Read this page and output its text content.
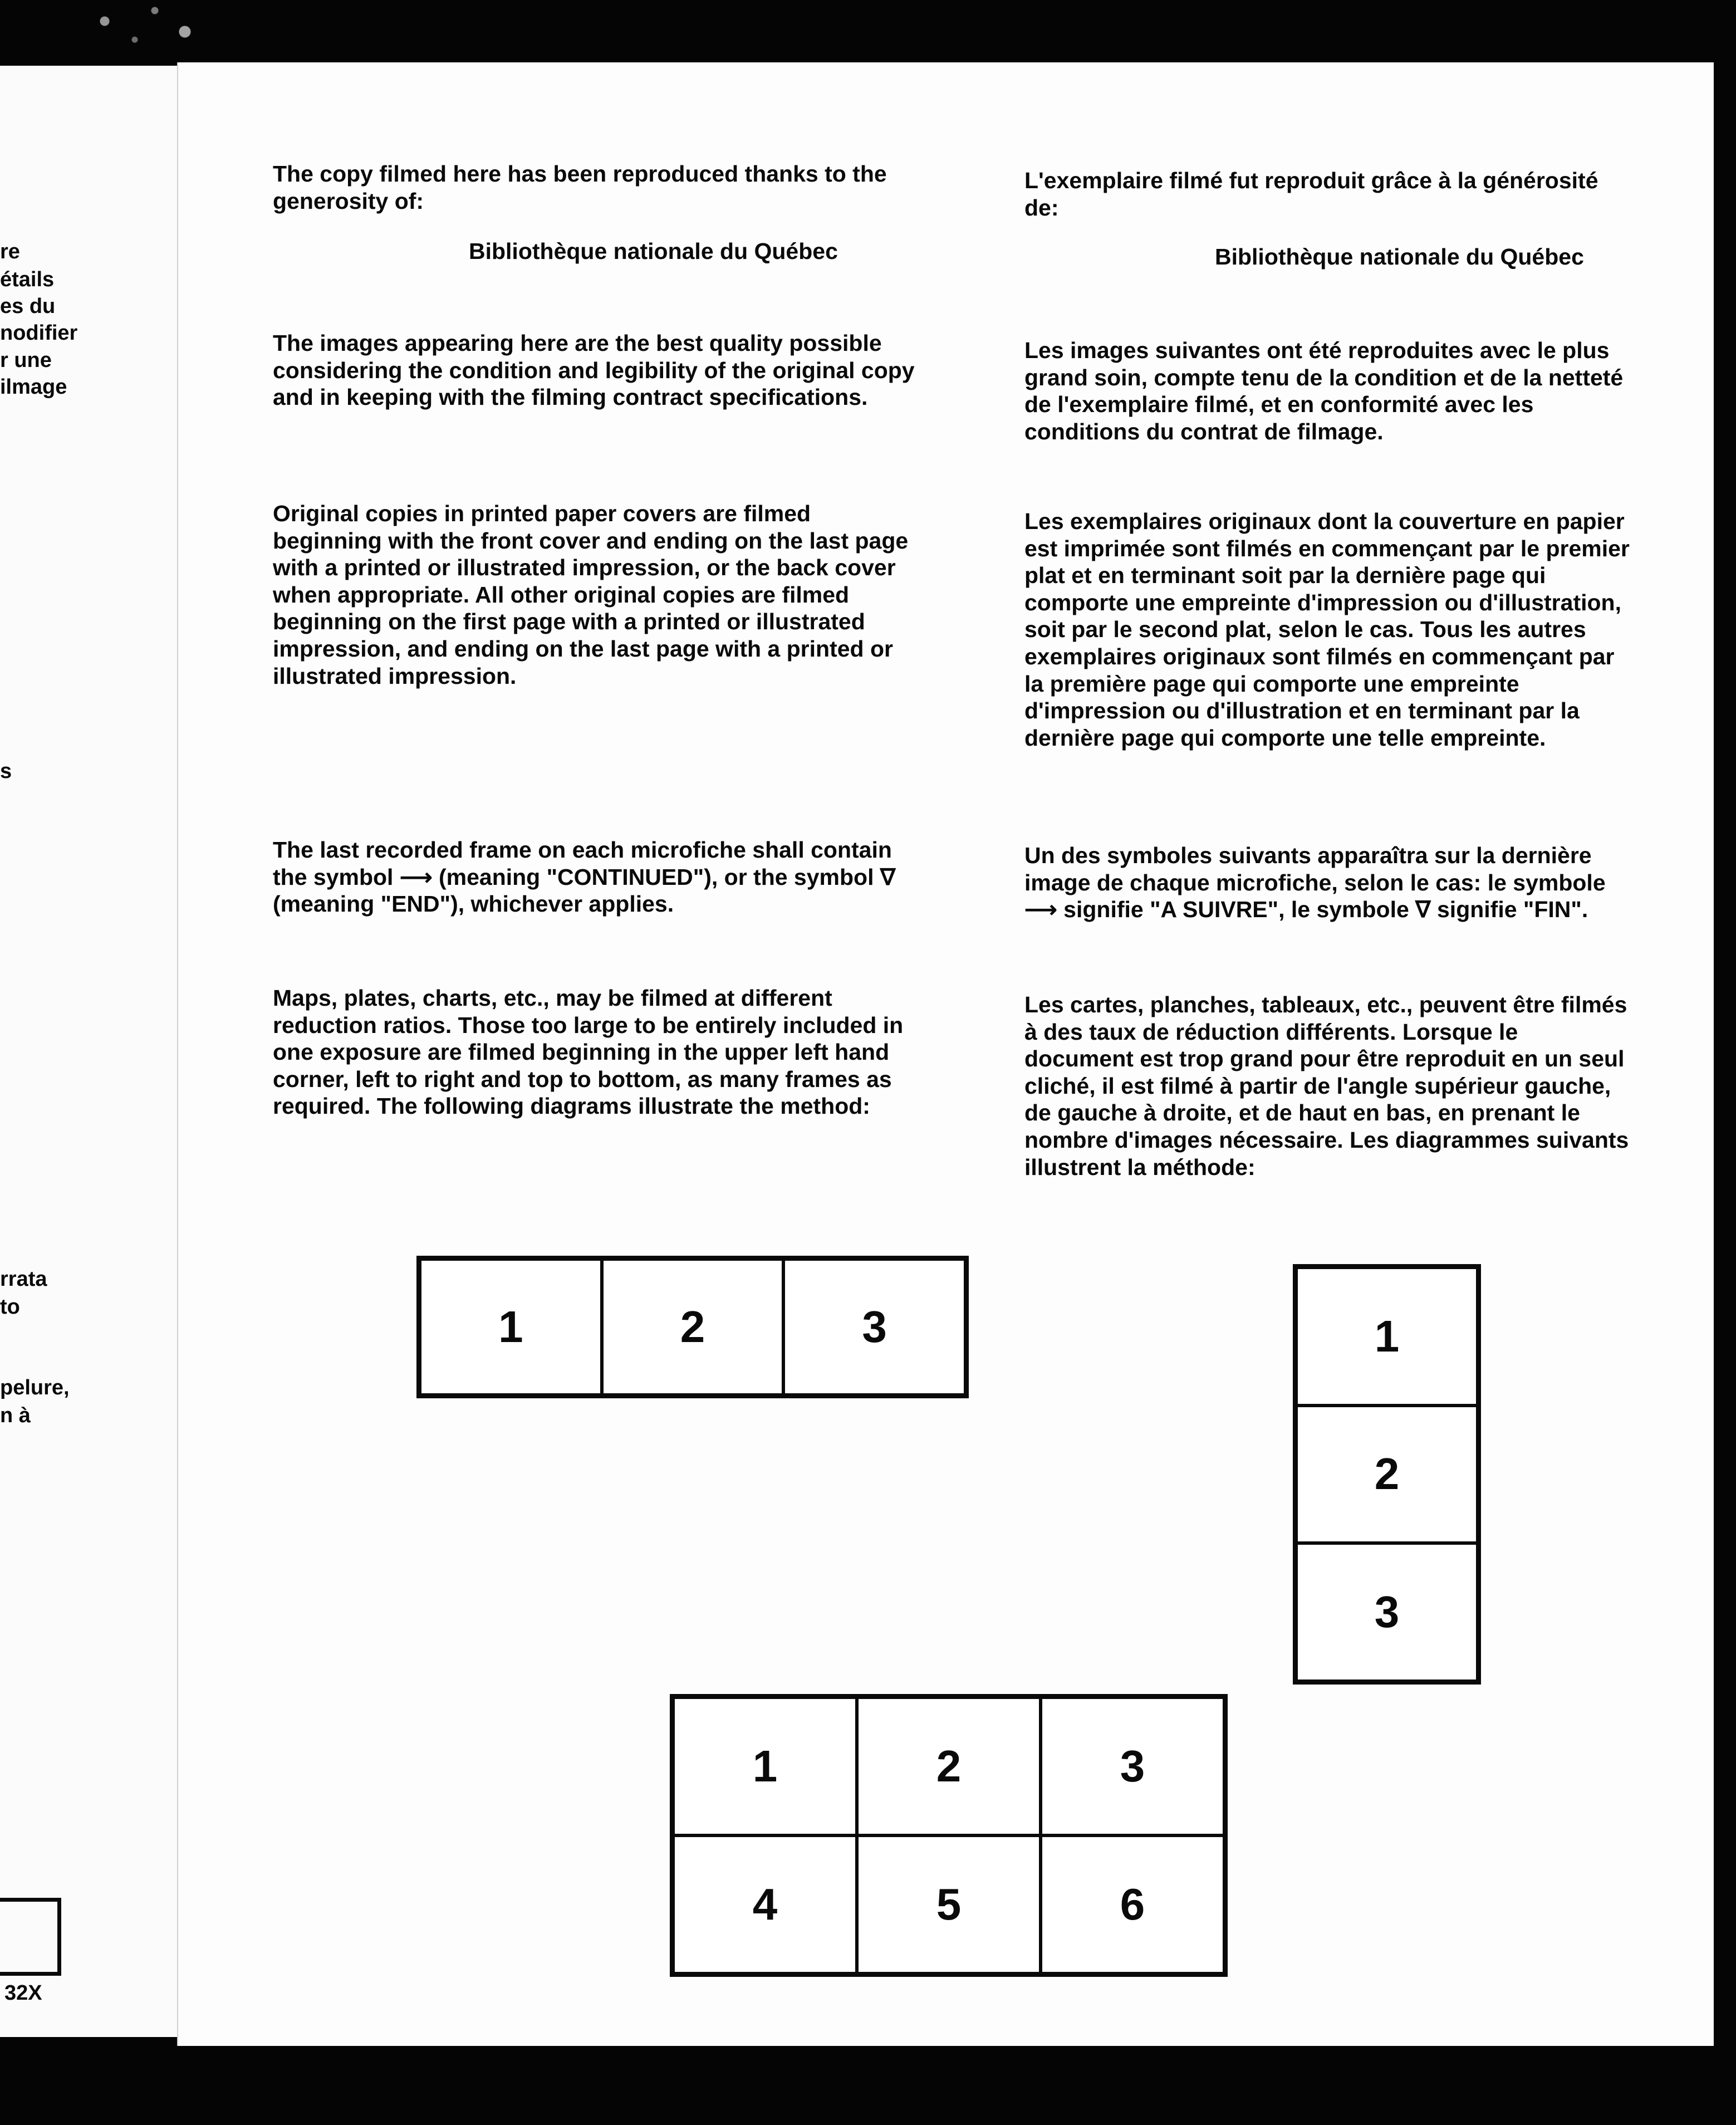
re
étails
es du
nodifier
r une
ilmage
s
rrata
to
pelure,
n à
32X

The copy filmed here has been reproduced thanks to the generosity of:

Bibliothèque nationale du Québec

The images appearing here are the best quality possible considering the condition and legibility of the original copy and in keeping with the filming contract specifications.

Original copies in printed paper covers are filmed beginning with the front cover and ending on the last page with a printed or illustrated impression, or the back cover when appropriate. All other original copies are filmed beginning on the first page with a printed or illustrated impression, and ending on the last page with a printed or illustrated impression.

The last recorded frame on each microfiche shall contain the symbol ⟶ (meaning "CONTINUED"), or the symbol ∇ (meaning "END"), whichever applies.

Maps, plates, charts, etc., may be filmed at different reduction ratios. Those too large to be entirely included in one exposure are filmed beginning in the upper left hand corner, left to right and top to bottom, as many frames as required. The following diagrams illustrate the method:

L'exemplaire filmé fut reproduit grâce à la générosité de:

Bibliothèque nationale du Québec

Les images suivantes ont été reproduites avec le plus grand soin, compte tenu de la condition et de la netteté de l'exemplaire filmé, et en conformité avec les conditions du contrat de filmage.

Les exemplaires originaux dont la couverture en papier est imprimée sont filmés en commençant par le premier plat et en terminant soit par la dernière page qui comporte une empreinte d'impression ou d'illustration, soit par le second plat, selon le cas. Tous les autres exemplaires originaux sont filmés en commençant par la première page qui comporte une empreinte d'impression ou d'illustration et en terminant par la dernière page qui comporte une telle empreinte.

Un des symboles suivants apparaîtra sur la dernière image de chaque microfiche, selon le cas: le symbole ⟶ signifie "A SUIVRE", le symbole ∇ signifie "FIN".

Les cartes, planches, tableaux, etc., peuvent être filmés à des taux de réduction différents. Lorsque le document est trop grand pour être reproduit en un seul cliché, il est filmé à partir de l'angle supérieur gauche, de gauche à droite, et de haut en bas, en prenant le nombre d'images nécessaire. Les diagrammes suivants illustrent la méthode:

1	2	3	1
2
3
1	2	3
4	5	6
